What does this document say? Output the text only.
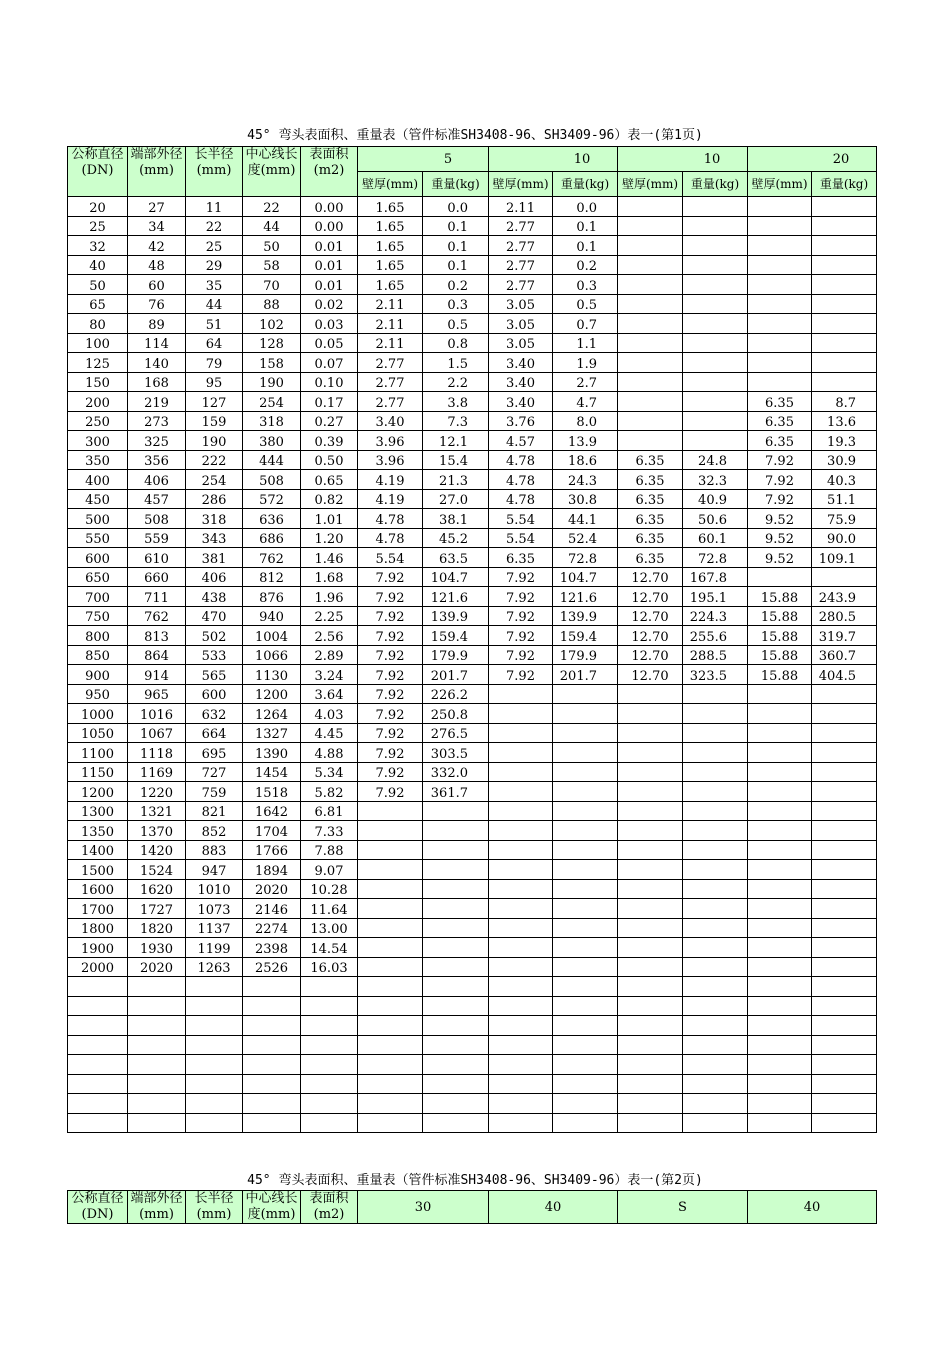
45° 弯头表面积、重量表（管件标准SH3408-96、SH3409-96）表一(第1页)
公称直径(DN)	端部外径(mm)	长半径(mm)	中心线长度(mm)	表面积(m2)	5		10		10		20	
					壁厚(mm)	重量(kg)	壁厚(mm)	重量(kg)	壁厚(mm)	重量(kg)	壁厚(mm)	重量(kg)
20	27	11	22	0.00	1.65	0.0	2.11	0.0				
25	34	22	44	0.00	1.65	0.1	2.77	0.1				
32	42	25	50	0.01	1.65	0.1	2.77	0.1				
40	48	29	58	0.01	1.65	0.1	2.77	0.2				
50	60	35	70	0.01	1.65	0.2	2.77	0.3				
65	76	44	88	0.02	2.11	0.3	3.05	0.5				
80	89	51	102	0.03	2.11	0.5	3.05	0.7				
100	114	64	128	0.05	2.11	0.8	3.05	1.1				
125	140	79	158	0.07	2.77	1.5	3.40	1.9				
150	168	95	190	0.10	2.77	2.2	3.40	2.7				
200	219	127	254	0.17	2.77	3.8	3.40	4.7			6.35	8.7
250	273	159	318	0.27	3.40	7.3	3.76	8.0			6.35	13.6
300	325	190	380	0.39	3.96	12.1	4.57	13.9			6.35	19.3
350	356	222	444	0.50	3.96	15.4	4.78	18.6	6.35	24.8	7.92	30.9
400	406	254	508	0.65	4.19	21.3	4.78	24.3	6.35	32.3	7.92	40.3
450	457	286	572	0.82	4.19	27.0	4.78	30.8	6.35	40.9	7.92	51.1
500	508	318	636	1.01	4.78	38.1	5.54	44.1	6.35	50.6	9.52	75.9
550	559	343	686	1.20	4.78	45.2	5.54	52.4	6.35	60.1	9.52	90.0
600	610	381	762	1.46	5.54	63.5	6.35	72.8	6.35	72.8	9.52	109.1
650	660	406	812	1.68	7.92	104.7	7.92	104.7	12.70	167.8		
700	711	438	876	1.96	7.92	121.6	7.92	121.6	12.70	195.1	15.88	243.9
750	762	470	940	2.25	7.92	139.9	7.92	139.9	12.70	224.3	15.88	280.5
800	813	502	1004	2.56	7.92	159.4	7.92	159.4	12.70	255.6	15.88	319.7
850	864	533	1066	2.89	7.92	179.9	7.92	179.9	12.70	288.5	15.88	360.7
900	914	565	1130	3.24	7.92	201.7	7.92	201.7	12.70	323.5	15.88	404.5
950	965	600	1200	3.64	7.92	226.2						
1000	1016	632	1264	4.03	7.92	250.8						
1050	1067	664	1327	4.45	7.92	276.5						
1100	1118	695	1390	4.88	7.92	303.5						
1150	1169	727	1454	5.34	7.92	332.0						
1200	1220	759	1518	5.82	7.92	361.7						
1300	1321	821	1642	6.81								
1350	1370	852	1704	7.33								
1400	1420	883	1766	7.88								
1500	1524	947	1894	9.07								
1600	1620	1010	2020	10.28								
1700	1727	1073	2146	11.64								
1800	1820	1137	2274	13.00								
1900	1930	1199	2398	14.54								
2000	2020	1263	2526	16.03								

45° 弯头表面积、重量表（管件标准SH3408-96、SH3409-96）表一(第2页)
公称直径(DN)	端部外径(mm)	长半径(mm)	中心线长度(mm)	表面积(m2)	30	40	S	40
